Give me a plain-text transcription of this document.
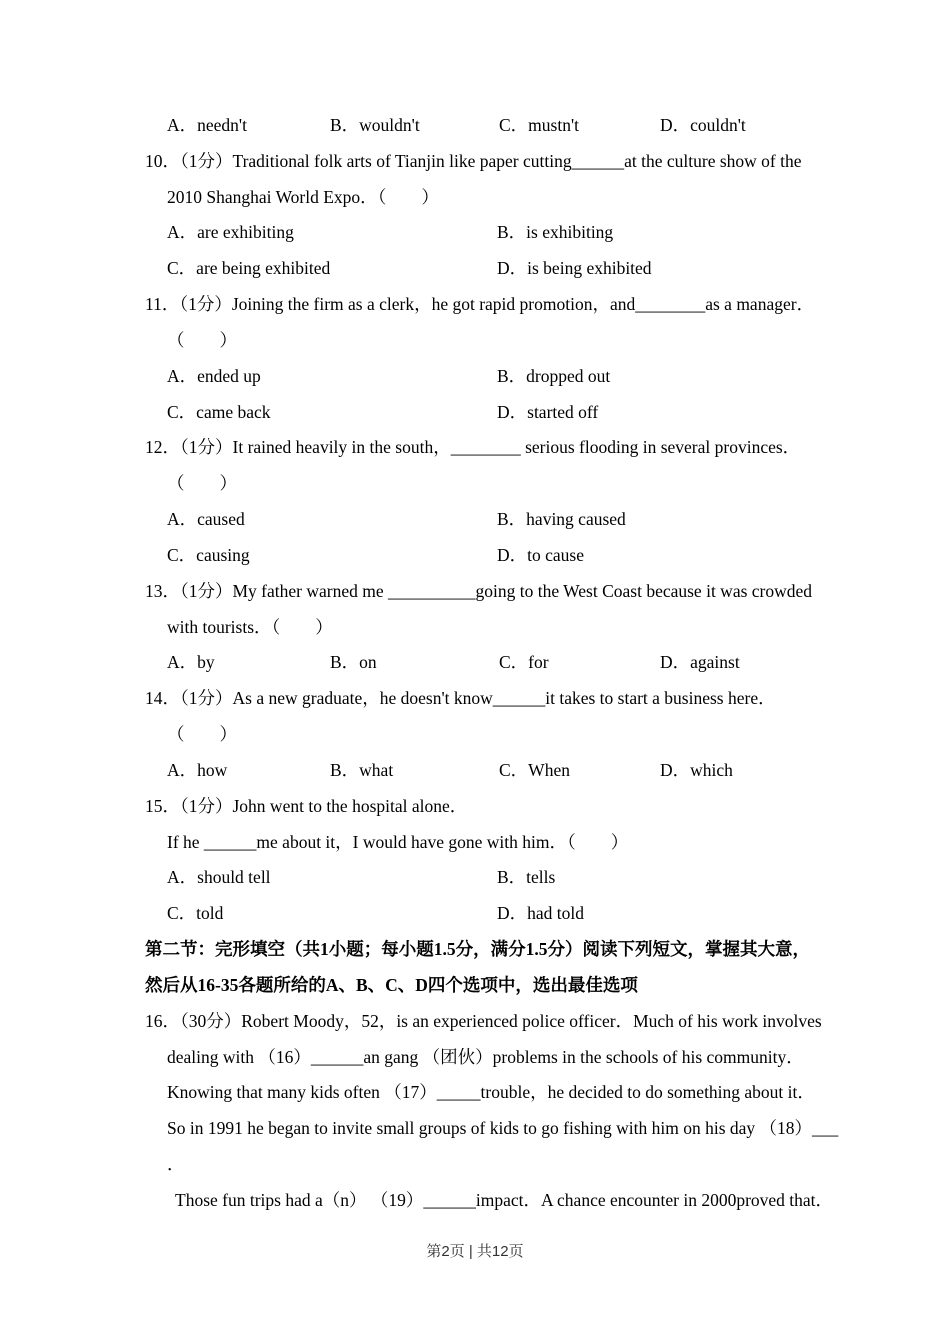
A．needn't	B．wouldn't	C．mustn't	D．couldn't
10．（1分）Traditional folk arts of Tianjin like paper cutting______at the culture show of the
2010 Shanghai World Expo．（　　）
A．are exhibiting	B．is exhibiting
C．are being exhibited	D．is being exhibited
11．（1分）Joining the firm as a clerk，he got rapid promotion，and________as a manager．
（　　）
A．ended up	B．dropped out
C．came back	D．started off
12．（1分）It rained heavily in the south，________ serious flooding in several provinces．
（　　）
A．caused	B．having caused
C．causing	D．to cause
13．（1分）My father warned me __________going to the West Coast because it was crowded
with tourists．（　　）
A．by	B．on	C．for	D．against
14．（1分）As a new graduate，he doesn't know______it takes to start a business here．
（　　）
A．how	B．what	C．When	D．which
15．（1分）John went to the hospital alone．
If he ______me about it，I would have gone with him．（　　）
A．should tell	B．tells
C．told	D．had told
第二节：完形填空（共1小题；每小题1.5分，满分1.5分）阅读下列短文，掌握其大意，
然后从16-35各题所给的A、B、C、D四个选项中，选出最佳选项
16．（30分）Robert Moody，52，is an experienced police officer．Much of his work involves
dealing with （16）______an gang （团伙）problems in the schools of his community．
Knowing that many kids often （17）_____trouble，he decided to do something about it．
So in 1991 he began to invite small groups of kids to go fishing with him on his day （18）___
．
Those fun trips had a（n） （19）______impact．A chance encounter in 2000proved that．
第2页 | 共12页
